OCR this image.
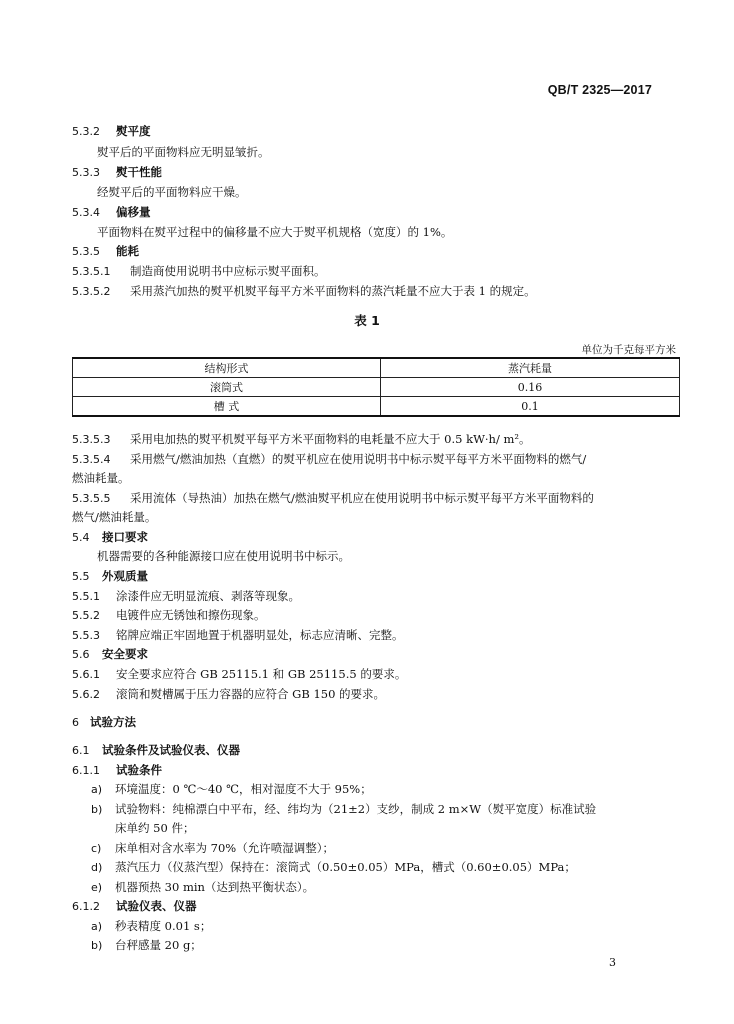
QB/T 2325—2017
5.3.2 熨平度
熨平后的平面物料应无明显皱折。
5.3.3 熨干性能
经熨平后的平面物料应干燥。
5.3.4 偏移量
平面物料在熨平过程中的偏移量不应大于熨平机规格（宽度）的 1%。
5.3.5 能耗
5.3.5.1 制造商使用说明书中应标示熨平面积。
5.3.5.2 采用蒸汽加热的熨平机熨平每平方米平面物料的蒸汽耗量不应大于表 1 的规定。
表 1
单位为千克每平方米
结构形式	蒸汽耗量
滚筒式	0.16
槽 式	0.1
5.3.5.3 采用电加热的熨平机熨平每平方米平面物料的电耗量不应大于 0.5 kW·h/ m²。
5.3.5.4 采用燃气/燃油加热（直燃）的熨平机应在使用说明书中标示熨平每平方米平面物料的燃气/
燃油耗量。
5.3.5.5 采用流体（导热油）加热在燃气/燃油熨平机应在使用说明书中标示熨平每平方米平面物料的
燃气/燃油耗量。
5.4 接口要求
机器需要的各种能源接口应在使用说明书中标示。
5.5 外观质量
5.5.1 涂漆件应无明显流痕、剥落等现象。
5.5.2 电镀件应无锈蚀和擦伤现象。
5.5.3 铭牌应端正牢固地置于机器明显处，标志应清晰、完整。
5.6 安全要求
5.6.1 安全要求应符合 GB 25115.1 和 GB 25115.5 的要求。
5.6.2 滚筒和熨槽属于压力容器的应符合 GB 150 的要求。
6 试验方法
6.1 试验条件及试验仪表、仪器
6.1.1 试验条件
a) 环境温度：0 ℃～40 ℃，相对湿度不大于 95%；
b) 试验物料：纯棉漂白中平布，经、纬均为（21±2）支纱，制成 2 m×W（熨平宽度）标准试验
床单约 50 件；
c) 床单相对含水率为 70%（允许喷湿调整）；
d) 蒸汽压力（仪蒸汽型）保持在：滚筒式（0.50±0.05）MPa，槽式（0.60±0.05）MPa；
e) 机器预热 30 min（达到热平衡状态）。
6.1.2 试验仪表、仪器
a) 秒表精度 0.01 s；
b) 台秤感量 20 g；
3
